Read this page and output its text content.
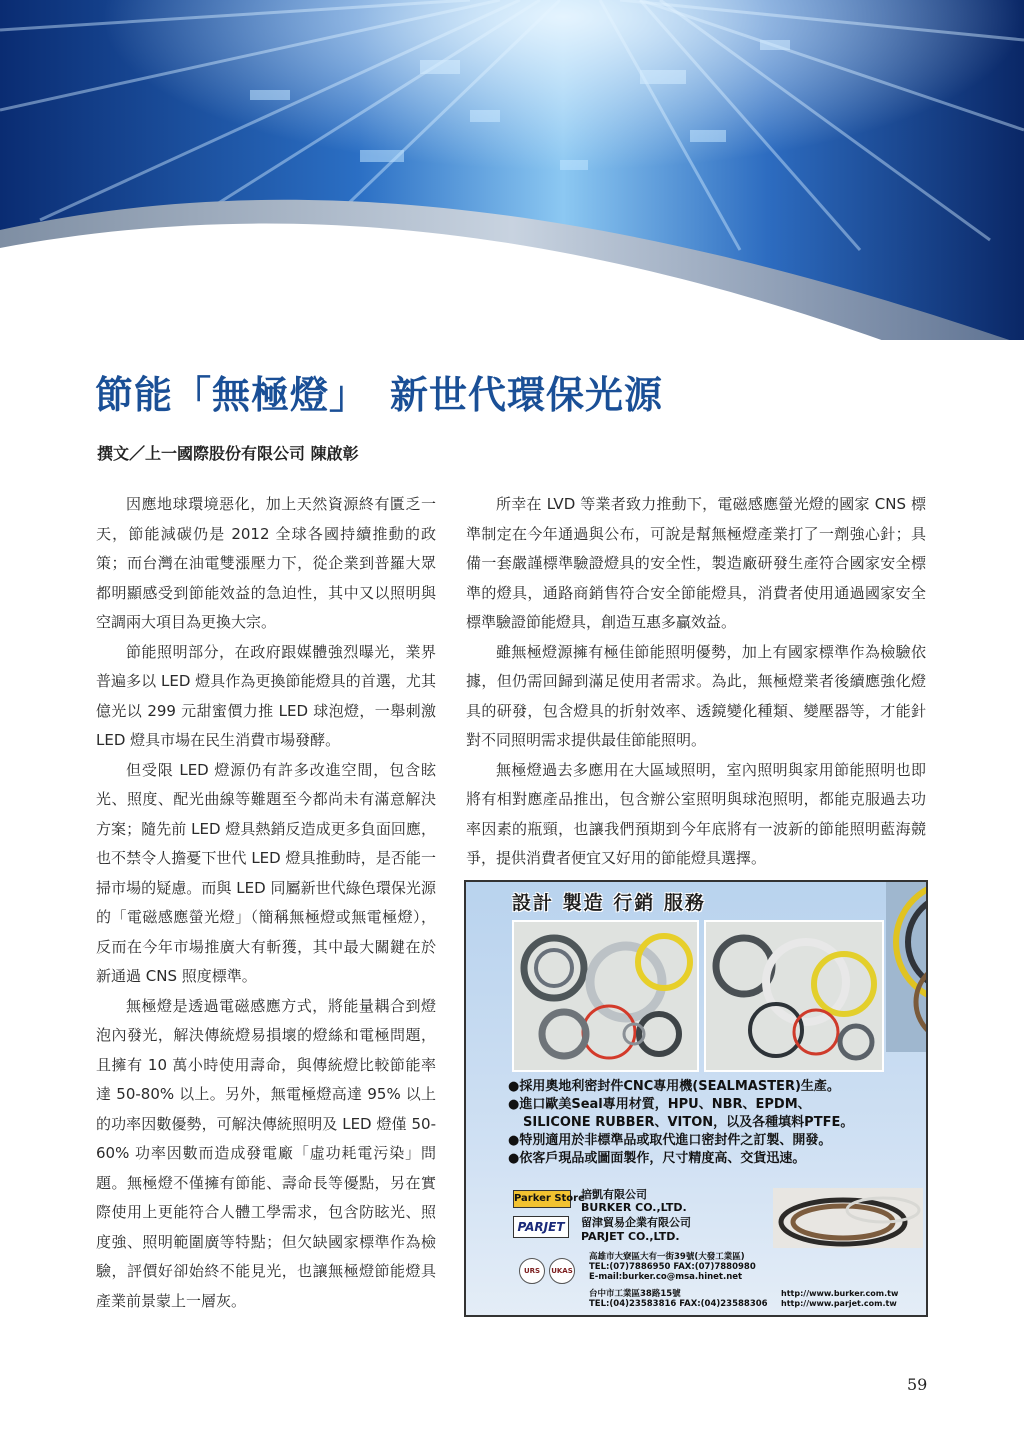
節能「無極燈」 新世代環保光源
撰文／上一國際股份有限公司 陳啟彰

因應地球環境惡化，加上天然資源終有匱乏一天，節能減碳仍是 2012 全球各國持續推動的政策；而台灣在油電雙漲壓力下，從企業到普羅大眾都明顯感受到節能效益的急迫性，其中又以照明與空調兩大項目為更換大宗。

節能照明部分，在政府跟媒體強烈曝光，業界普遍多以 LED 燈具作為更換節能燈具的首選，尤其億光以 299 元甜蜜價力推 LED 球泡燈，一舉刺激 LED 燈具市場在民生消費市場發酵。

但受限 LED 燈源仍有許多改進空間，包含眩光、照度、配光曲線等難題至今都尚未有滿意解決方案；隨先前 LED 燈具熱銷反造成更多負面回應，也不禁令人擔憂下世代 LED 燈具推動時，是否能一掃市場的疑慮。而與 LED 同屬新世代綠色環保光源的「電磁感應螢光燈」（簡稱無極燈或無電極燈），反而在今年市場推廣大有斬獲，其中最大關鍵在於新通過 CNS 照度標準。

無極燈是透過電磁感應方式，將能量耦合到燈泡內發光，解決傳統燈易損壞的燈絲和電極問題，且擁有 10 萬小時使用壽命，與傳統燈比較節能率達 50-80% 以上。另外，無電極燈高達 95% 以上的功率因數優勢，可解決傳統照明及 LED 燈僅 50-60% 功率因數而造成發電廠「虛功耗電污染」問題。無極燈不僅擁有節能、壽命長等優點，另在實際使用上更能符合人體工學需求，包含防眩光、照度強、照明範圍廣等特點；但欠缺國家標準作為檢驗，評價好卻始終不能見光，也讓無極燈節能燈具產業前景蒙上一層灰。

所幸在 LVD 等業者致力推動下，電磁感應螢光燈的國家 CNS 標準制定在今年通過與公布，可說是幫無極燈產業打了一劑強心針；具備一套嚴謹標準驗證燈具的安全性，製造廠研發生產符合國家安全標準的燈具，通路商銷售符合安全節能燈具，消費者使用通過國家安全標準驗證節能燈具，創造互惠多贏效益。

雖無極燈源擁有極佳節能照明優勢，加上有國家標準作為檢驗依據，但仍需回歸到滿足使用者需求。為此，無極燈業者後續應強化燈具的研發，包含燈具的折射效率、透鏡變化種類、變壓器等，才能針對不同照明需求提供最佳節能照明。

無極燈過去多應用在大區域照明，室內照明與家用節能照明也即將有相對應產品推出，包含辦公室照明與球泡照明，都能克服過去功率因素的瓶頸，也讓我們預期到今年底將有一波新的節能照明藍海競爭，提供消費者便宜又好用的節能燈具選擇。

設計 製造 行銷 服務
●採用奧地利密封件CNC專用機(SEALMASTER)生產。
●進口歐美Seal專用材質，HPU、NBR、EPDM、
SILICONE RUBBER、VITON，以及各種填料PTFE。
●特別適用於非標準品或取代進口密封件之訂製、開發。
●依客戶現品或圖面製作，尺寸精度高、交貨迅速。
Parker Store
PARJET
培凱有限公司
BURKER CO.,LTD.
留津貿易企業有限公司
PARJET CO.,LTD.
URS	UKAS
高雄市大寮區大有一街39號(大發工業區)
TEL:(07)7886950 FAX:(07)7880980
E-mail:burker.co@msa.hinet.net
台中市工業區38路15號
TEL:(04)23583816 FAX:(04)23588306
http://www.burker.com.tw
http://www.parjet.com.tw
59
